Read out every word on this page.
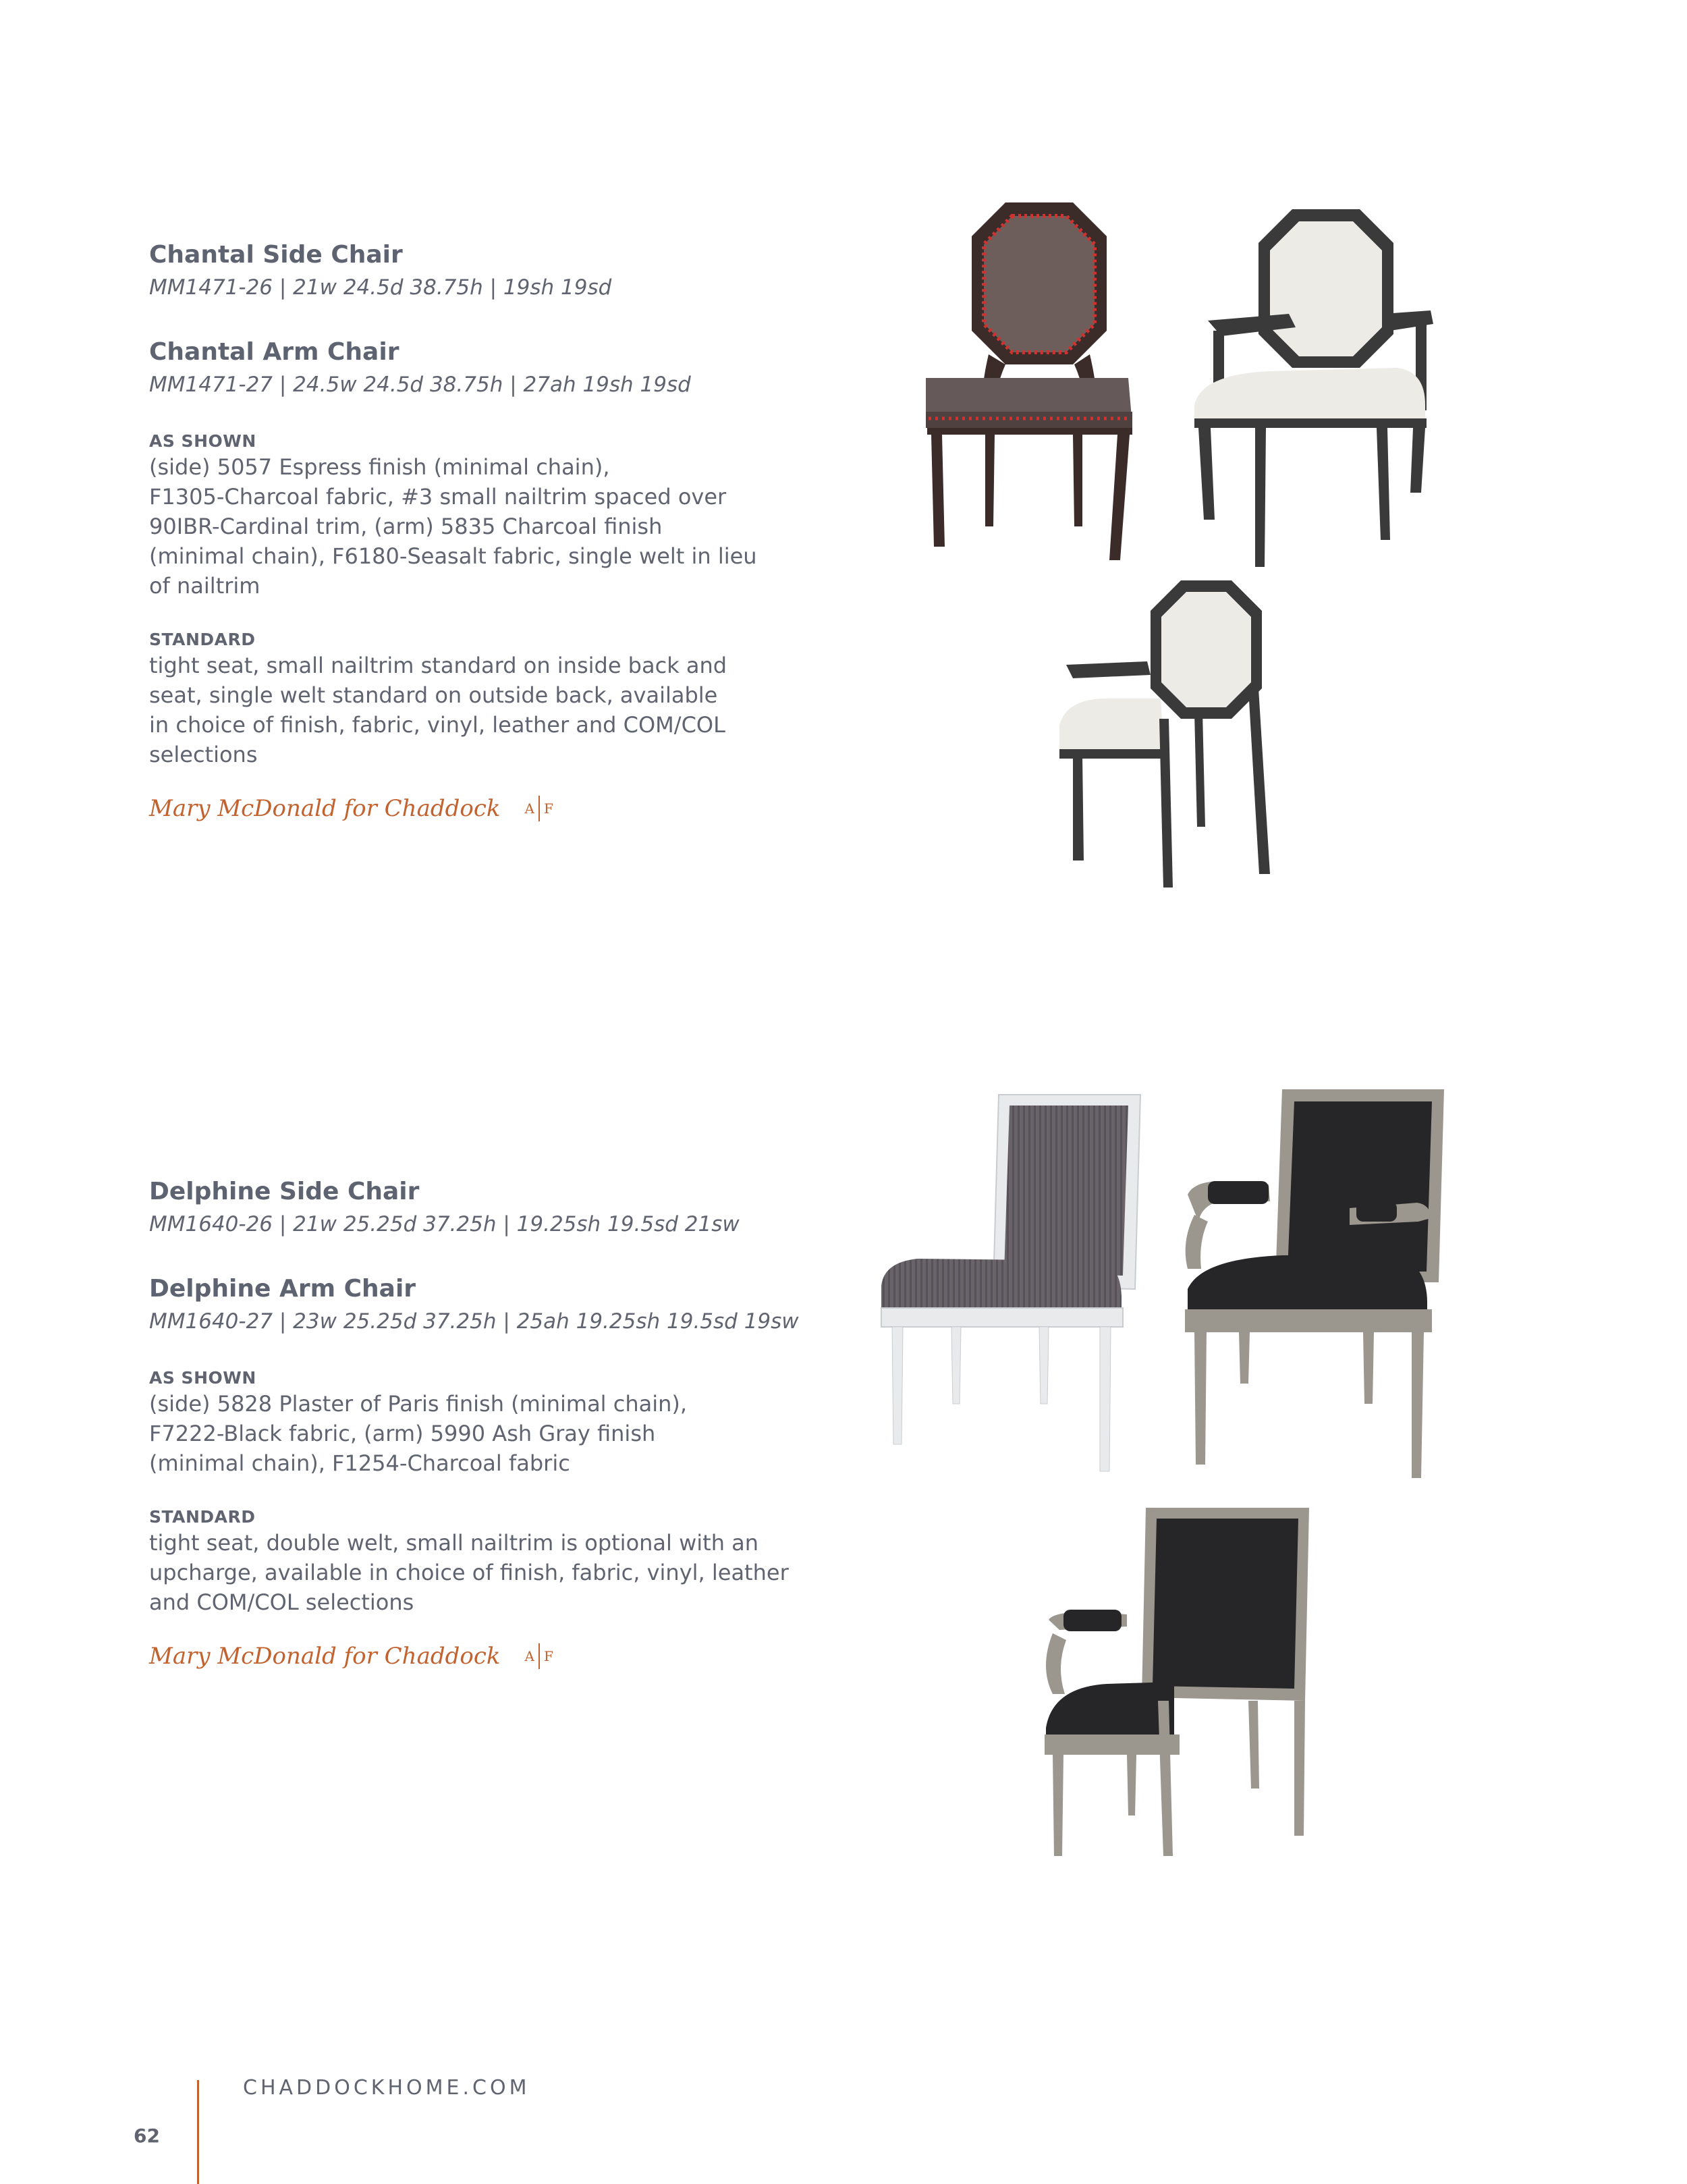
Chantal Side Chair

MM1471-26 | 21w 24.5d 38.75h | 19sh 19sd

Chantal Arm Chair

MM1471-27 | 24.5w 24.5d 38.75h | 27ah 19sh 19sd

AS SHOWN

(side) 5057 Espress finish (minimal chain),
F1305-Charcoal fabric, #3 small nailtrim spaced over
90IBR-Cardinal trim, (arm) 5835 Charcoal finish
(minimal chain), F6180-Seasalt fabric, single welt in lieu
of nailtrim

STANDARD

tight seat, small nailtrim standard on inside back and
seat, single welt standard on outside back, available
in choice of finish, fabric, vinyl, leather and COM/COL
selections

Mary McDonald for Chaddock A F
Delphine Side Chair

MM1640-26 | 21w 25.25d 37.25h | 19.25sh 19.5sd 21sw

Delphine Arm Chair

MM1640-27 | 23w 25.25d 37.25h | 25ah 19.25sh 19.5sd 19sw

AS SHOWN

(side) 5828 Plaster of Paris finish (minimal chain),
F7222-Black fabric, (arm) 5990 Ash Gray finish
(minimal chain), F1254-Charcoal fabric

STANDARD

tight seat, double welt, small nailtrim is optional with an
upcharge, available in choice of finish, fabric, vinyl, leather
and COM/COL selections

Mary McDonald for Chaddock A F
CHADDOCKHOME.COM
62
